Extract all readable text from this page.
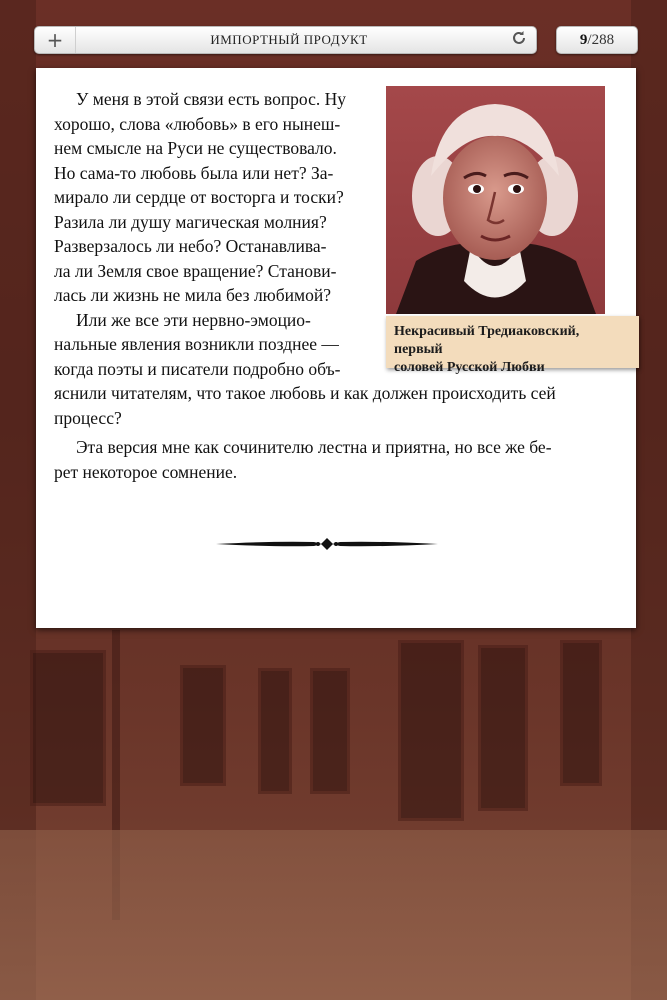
+	ИМПОРТНЫЙ ПРОДУКТ	9 /288
У меня в этой связи есть вопрос. Ну
хорошо, слова «любовь» в его нынеш-
нем смысле на Руси не существовало.
Но сама-то любовь была или нет? За-
мирало ли сердце от восторга и тоски?
Разила ли душу магическая молния?
Разверзалось ли небо? Останавлива-
ла ли Земля свое вращение? Станови-
лась ли жизнь не мила без любимой?
Или же все эти нервно-эмоцио-
нальные явления возникли позднее —
когда поэты и писатели подробно объ-
яснили читателям, что такое любовь и как должен происходить сей
процесс?
Эта версия мне как сочинителю лестна и приятна, но все же бе-
рет некоторое сомнение.
Некрасивый Тредиаковский, первый
соловей Русской Любви
